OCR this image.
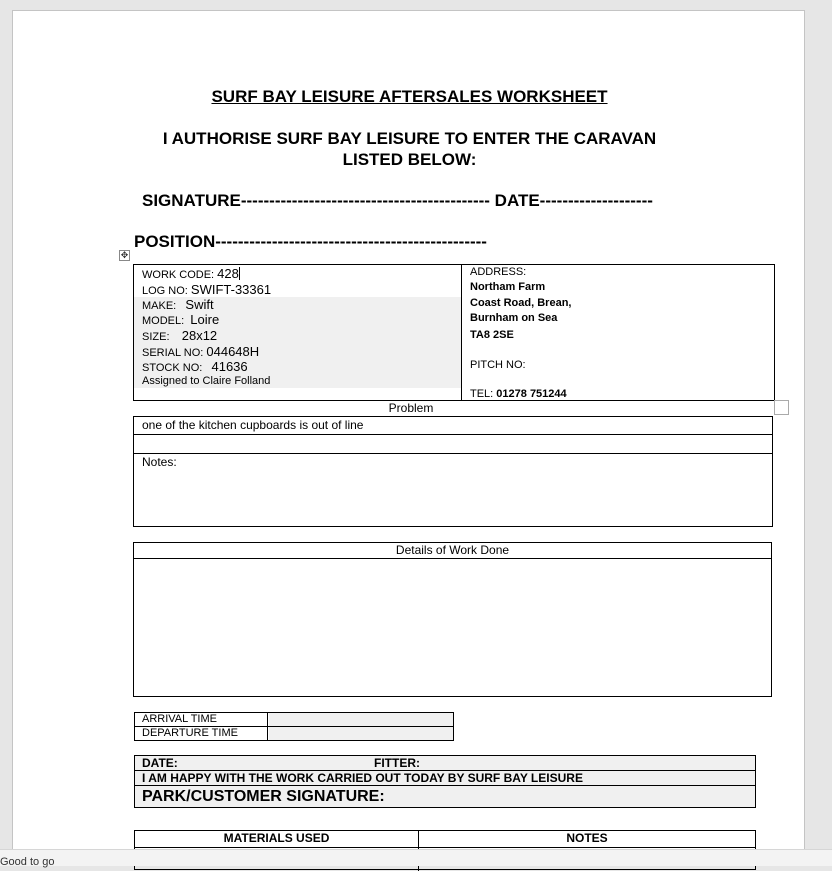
SURF BAY LEISURE AFTERSALES WORKSHEET
I AUTHORISE SURF BAY LEISURE TO ENTER THE CARAVAN
LISTED BELOW:
SIGNATURE-------------------------------------------- DATE--------------------
POSITION------------------------------------------------
✥
WORK CODE: 428
LOG NO: SWIFT-33361
MAKE:   Swift
MODEL:  Loire
SIZE:    28x12
SERIAL NO: 044648H
STOCK NO:   41636
Assigned to Claire Folland
ADDRESS:
Northam Farm
Coast Road, Brean,
Burnham on Sea
TA8 2SE
PITCH NO:
TEL: 01278 751244
Problem
one of the kitchen cupboards is out of line
Notes:
Details of Work Done
ARRIVAL TIME
DEPARTURE TIME
DATE:	FITTER:
I AM HAPPY WITH THE WORK CARRIED OUT TODAY BY SURF BAY LEISURE
PARK/CUSTOMER SIGNATURE:
MATERIALS USED	NOTES
Good to go
